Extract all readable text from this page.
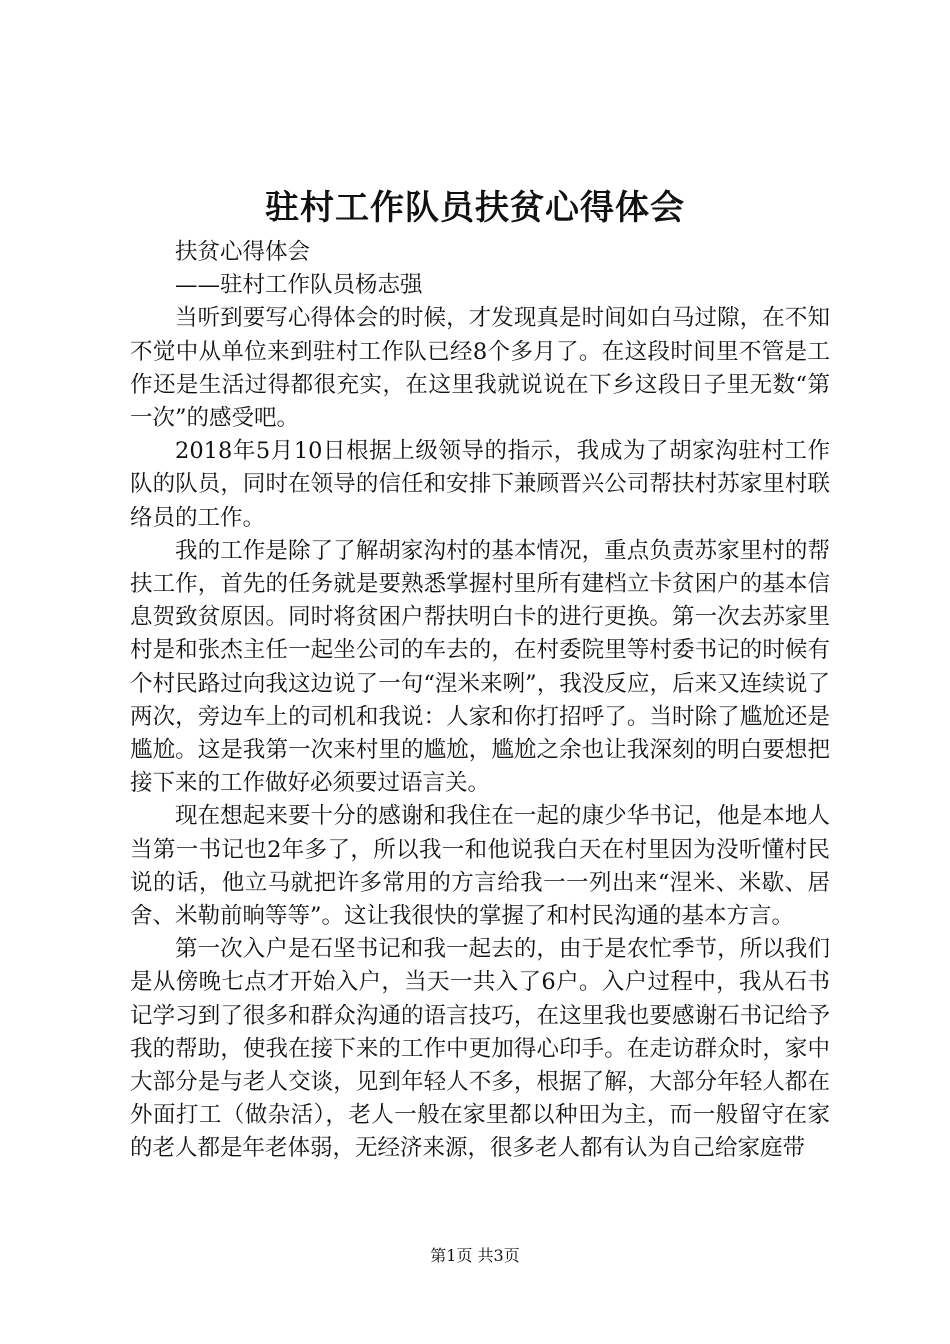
驻村工作队员扶贫心得体会

扶贫心得体会

——驻村工作队员杨志强

当听到要写心得体会的时候，才发现真是时间如白马过隙，在不知不觉中从单位来到驻村工作队已经8个多月了。在这段时间里不管是工作还是生活过得都很充实，在这里我就说说在下乡这段日子里无数“第一次”的感受吧。

2018年5月10日根据上级领导的指示，我成为了胡家沟驻村工作队的队员，同时在领导的信任和安排下兼顾晋兴公司帮扶村苏家里村联络员的工作。

我的工作是除了了解胡家沟村的基本情况，重点负责苏家里村的帮扶工作，首先的任务就是要熟悉掌握村里所有建档立卡贫困户的基本信息贺致贫原因。同时将贫困户帮扶明白卡的进行更换。第一次去苏家里村是和张杰主任一起坐公司的车去的，在村委院里等村委书记的时候有个村民路过向我这边说了一句“涅米来咧”，我没反应，后来又连续说了两次，旁边车上的司机和我说：人家和你打招呼了。当时除了尴尬还是尴尬。这是我第一次来村里的尴尬，尴尬之余也让我深刻的明白要想把接下来的工作做好必须要过语言关。

现在想起来要十分的感谢和我住在一起的康少华书记，他是本地人当第一书记也2年多了，所以我一和他说我白天在村里因为没听懂村民说的话，他立马就把许多常用的方言给我一一列出来“涅米、米歇、居舍、米勒前晌等等”。这让我很快的掌握了和村民沟通的基本方言。

第一次入户是石坚书记和我一起去的，由于是农忙季节，所以我们是从傍晚七点才开始入户，当天一共入了6户。入户过程中，我从石书记学习到了很多和群众沟通的语言技巧，在这里我也要感谢石书记给予我的帮助，使我在接下来的工作中更加得心印手。在走访群众时，家中大部分是与老人交谈，见到年轻人不多，根据了解，大部分年轻人都在外面打工（做杂活），老人一般在家里都以种田为主，而一般留守在家的老人都是年老体弱，无经济来源，很多老人都有认为自己给家庭带

第1页 共3页
